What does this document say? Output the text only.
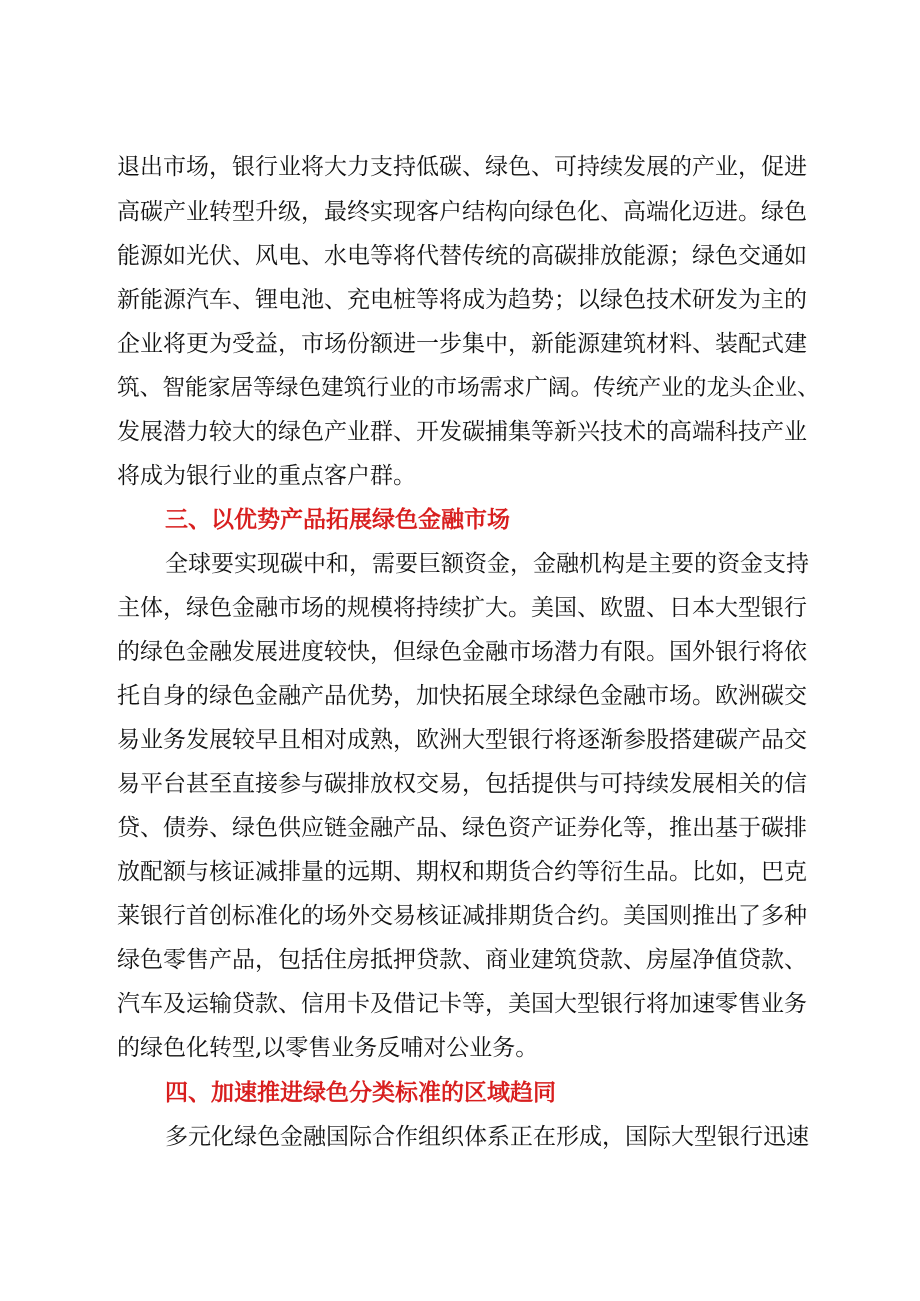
退出市场，银行业将大力支持低碳、绿色、可持续发展的产业，促进
高碳产业转型升级，最终实现客户结构向绿色化、高端化迈进。绿色
能源如光伏、风电、水电等将代替传统的高碳排放能源；绿色交通如
新能源汽车、锂电池、充电桩等将成为趋势；以绿色技术研发为主的
企业将更为受益，市场份额进一步集中，新能源建筑材料、装配式建
筑、智能家居等绿色建筑行业的市场需求广阔。传统产业的龙头企业、
发展潜力较大的绿色产业群、开发碳捕集等新兴技术的高端科技产业
将成为银行业的重点客户群。
三、以优势产品拓展绿色金融市场
全球要实现碳中和，需要巨额资金，金融机构是主要的资金支持
主体，绿色金融市场的规模将持续扩大。美国、欧盟、日本大型银行
的绿色金融发展进度较快，但绿色金融市场潜力有限。国外银行将依
托自身的绿色金融产品优势，加快拓展全球绿色金融市场。欧洲碳交
易业务发展较早且相对成熟，欧洲大型银行将逐渐参股搭建碳产品交
易平台甚至直接参与碳排放权交易，包括提供与可持续发展相关的信
贷、债券、绿色供应链金融产品、绿色资产证券化等，推出基于碳排
放配额与核证减排量的远期、期权和期货合约等衍生品。比如，巴克
莱银行首创标准化的场外交易核证减排期货合约。美国则推出了多种
绿色零售产品，包括住房抵押贷款、商业建筑贷款、房屋净值贷款、
汽车及运输贷款、信用卡及借记卡等，美国大型银行将加速零售业务
的绿色化转型,以零售业务反哺对公业务。
四、加速推进绿色分类标准的区域趋同
多元化绿色金融国际合作组织体系正在形成，国际大型银行迅速
